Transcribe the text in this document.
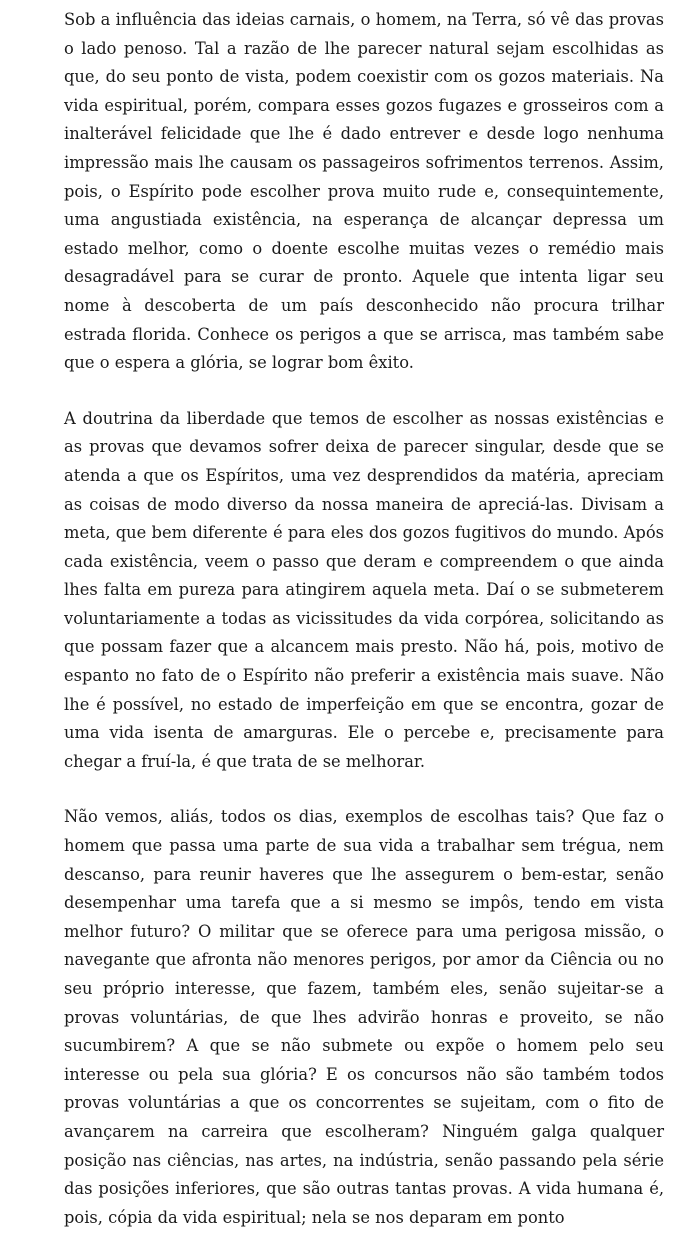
Sob a influência das ideias carnais, o homem, na Terra, só vê das provas o lado penoso. Tal a razão de lhe parecer natural sejam escolhidas as que, do seu ponto de vista, podem coexistir com os gozos materiais. Na vida espiritual, porém, compara esses gozos fugazes e grosseiros com a inalterável felicidade que lhe é dado entrever e desde logo nenhuma impressão mais lhe causam os passageiros sofrimentos terrenos. Assim, pois, o Espírito pode escolher prova muito rude e, consequintemente, uma angustiada existência, na esperança de alcançar depressa um estado melhor, como o doente escolhe muitas vezes o remédio mais desagradável para se curar de pronto. Aquele que intenta ligar seu nome à descoberta de um país desconhecido não procura trilhar estrada florida. Conhece os perigos a que se arrisca, mas também sabe que o espera a glória, se lograr bom êxito.

A doutrina da liberdade que temos de escolher as nossas existências e as provas que devamos sofrer deixa de parecer singular, desde que se atenda a que os Espíritos, uma vez desprendidos da matéria, apreciam as coisas de modo diverso da nossa maneira de apreciá-las. Divisam a meta, que bem diferente é para eles dos gozos fugitivos do mundo. Após cada existência, veem o passo que deram e compreendem o que ainda lhes falta em pureza para atingirem aquela meta. Daí o se submeterem voluntariamente a todas as vicissitudes da vida corpórea, solicitando as que possam fazer que a alcancem mais presto. Não há, pois, motivo de espanto no fato de o Espírito não preferir a existência mais suave. Não lhe é possível, no estado de imperfeição em que se encontra, gozar de uma vida isenta de amarguras. Ele o percebe e, precisamente para chegar a fruí-la, é que trata de se melhorar.

Não vemos, aliás, todos os dias, exemplos de escolhas tais? Que faz o homem que passa uma parte de sua vida a trabalhar sem trégua, nem descanso, para reunir haveres que lhe assegurem o bem-estar, senão desempenhar uma tarefa que a si mesmo se impôs, tendo em vista melhor futuro? O militar que se oferece para uma perigosa missão, o navegante que afronta não menores perigos, por amor da Ciência ou no seu próprio interesse, que fazem, também eles, senão sujeitar-se a provas voluntárias, de que lhes advirão honras e proveito, se não sucumbirem? A que se não submete ou expõe o homem pelo seu interesse ou pela sua glória? E os concursos não são também todos provas voluntárias a que os concorrentes se sujeitam, com o fito de avançarem na carreira que escolheram? Ninguém galga qualquer posição nas ciências, nas artes, na indústria, senão passando pela série das posições inferiores, que são outras tantas provas. A vida humana é, pois, cópia da vida espiritual; nela se nos deparam em ponto
